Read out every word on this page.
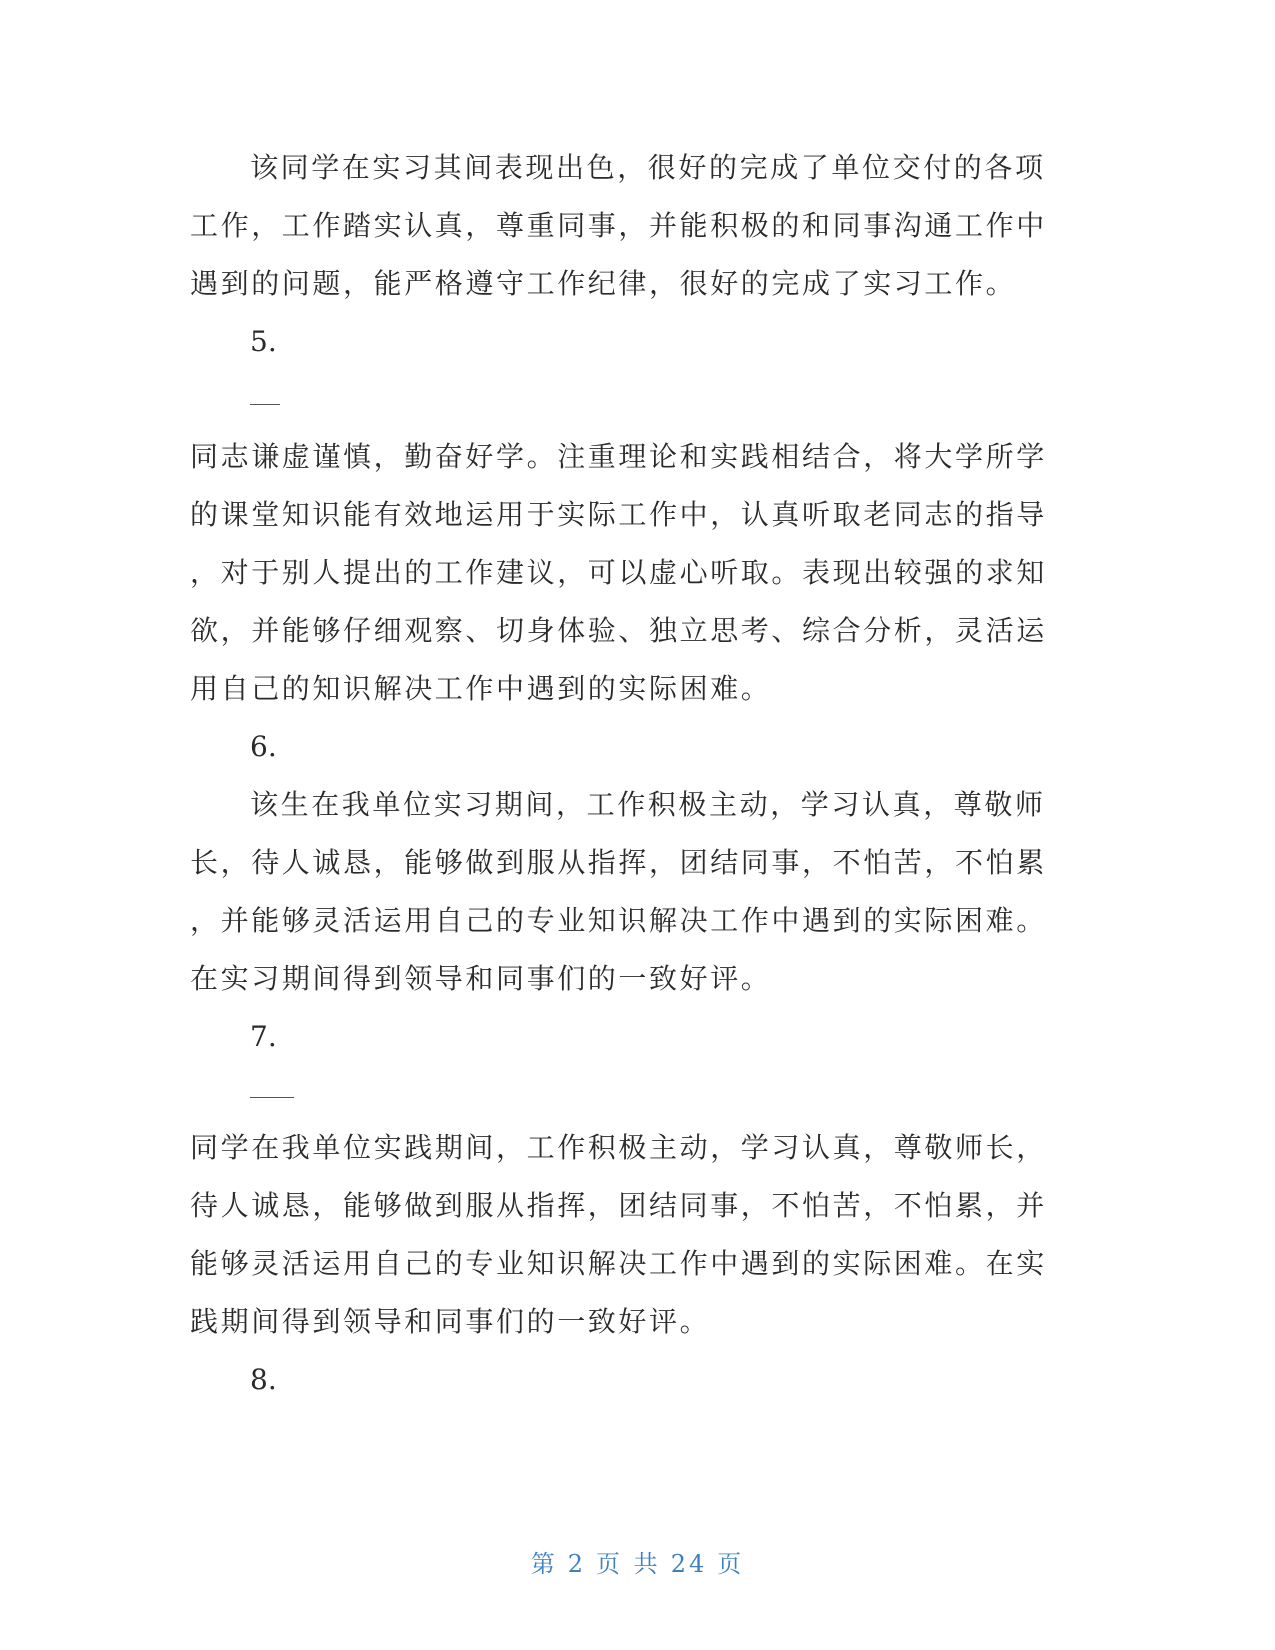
该同学在实习其间表现出色，很好的完成了单位交付的各项
工作，工作踏实认真，尊重同事，并能积极的和同事沟通工作中
遇到的问题，能严格遵守工作纪律，很好的完成了实习工作。
5.
同志谦虚谨慎，勤奋好学。注重理论和实践相结合，将大学所学
的课堂知识能有效地运用于实际工作中，认真听取老同志的指导
，对于别人提出的工作建议，可以虚心听取。表现出较强的求知
欲，并能够仔细观察、切身体验、独立思考、综合分析，灵活运
用自己的知识解决工作中遇到的实际困难。
6.
该生在我单位实习期间，工作积极主动，学习认真，尊敬师
长，待人诚恳，能够做到服从指挥，团结同事，不怕苦，不怕累
，并能够灵活运用自己的专业知识解决工作中遇到的实际困难。
在实习期间得到领导和同事们的一致好评。
7.
同学在我单位实践期间，工作积极主动，学习认真，尊敬师长，
待人诚恳，能够做到服从指挥，团结同事，不怕苦，不怕累，并
能够灵活运用自己的专业知识解决工作中遇到的实际困难。在实
践期间得到领导和同事们的一致好评。
8.
第 2 页 共 24 页
